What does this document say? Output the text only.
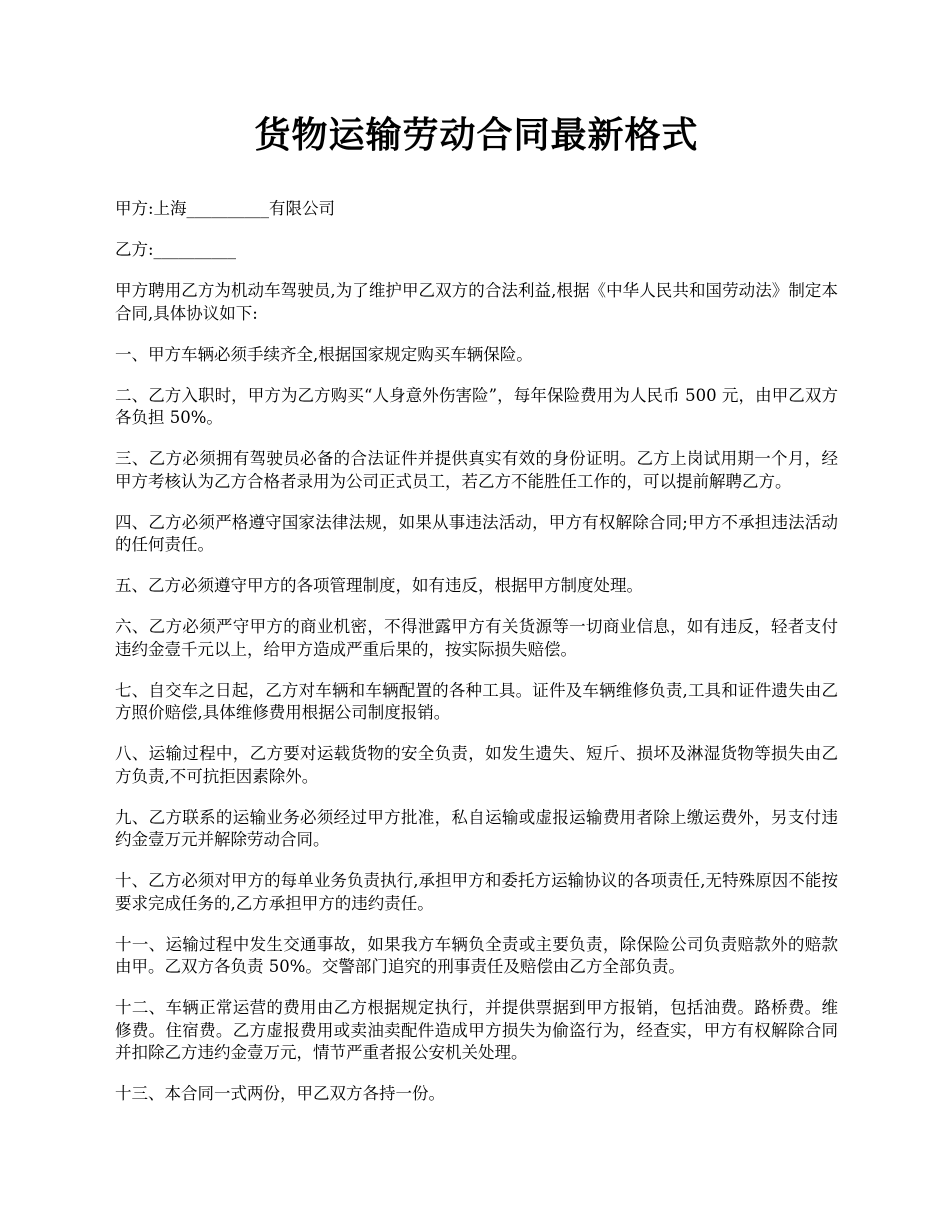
货物运输劳动合同最新格式

甲方:上海__________有限公司

乙方:__________

甲方聘用乙方为机动车驾驶员,为了维护甲乙双方的合法利益,根据《中华人民共和国劳动法》制定本合同,具体协议如下:

一、甲方车辆必须手续齐全,根据国家规定购买车辆保险。

二、乙方入职时，甲方为乙方购买“人身意外伤害险”，每年保险费用为人民币 500 元，由甲乙双方各负担 50%。

三、乙方必须拥有驾驶员必备的合法证件并提供真实有效的身份证明。乙方上岗试用期一个月，经甲方考核认为乙方合格者录用为公司正式员工，若乙方不能胜任工作的，可以提前解聘乙方。

四、乙方必须严格遵守国家法律法规，如果从事违法活动，甲方有权解除合同;甲方不承担违法活动的任何责任。

五、乙方必须遵守甲方的各项管理制度，如有违反，根据甲方制度处理。

六、乙方必须严守甲方的商业机密，不得泄露甲方有关货源等一切商业信息，如有违反，轻者支付违约金壹千元以上，给甲方造成严重后果的，按实际损失赔偿。

七、自交车之日起，乙方对车辆和车辆配置的各种工具。证件及车辆维修负责,工具和证件遗失由乙方照价赔偿,具体维修费用根据公司制度报销。

八、运输过程中，乙方要对运载货物的安全负责，如发生遗失、短斤、损坏及淋湿货物等损失由乙方负责,不可抗拒因素除外。

九、乙方联系的运输业务必须经过甲方批准，私自运输或虚报运输费用者除上缴运费外，另支付违约金壹万元并解除劳动合同。

十、乙方必须对甲方的每单业务负责执行,承担甲方和委托方运输协议的各项责任,无特殊原因不能按要求完成任务的,乙方承担甲方的违约责任。

十一、运输过程中发生交通事故，如果我方车辆负全责或主要负责，除保险公司负责赔款外的赔款由甲。乙双方各负责 50%。交警部门追究的刑事责任及赔偿由乙方全部负责。

十二、车辆正常运营的费用由乙方根据规定执行，并提供票据到甲方报销，包括油费。路桥费。维修费。住宿费。乙方虚报费用或卖油卖配件造成甲方损失为偷盗行为，经查实，甲方有权解除合同并扣除乙方违约金壹万元，情节严重者报公安机关处理。

十三、本合同一式两份，甲乙双方各持一份。
